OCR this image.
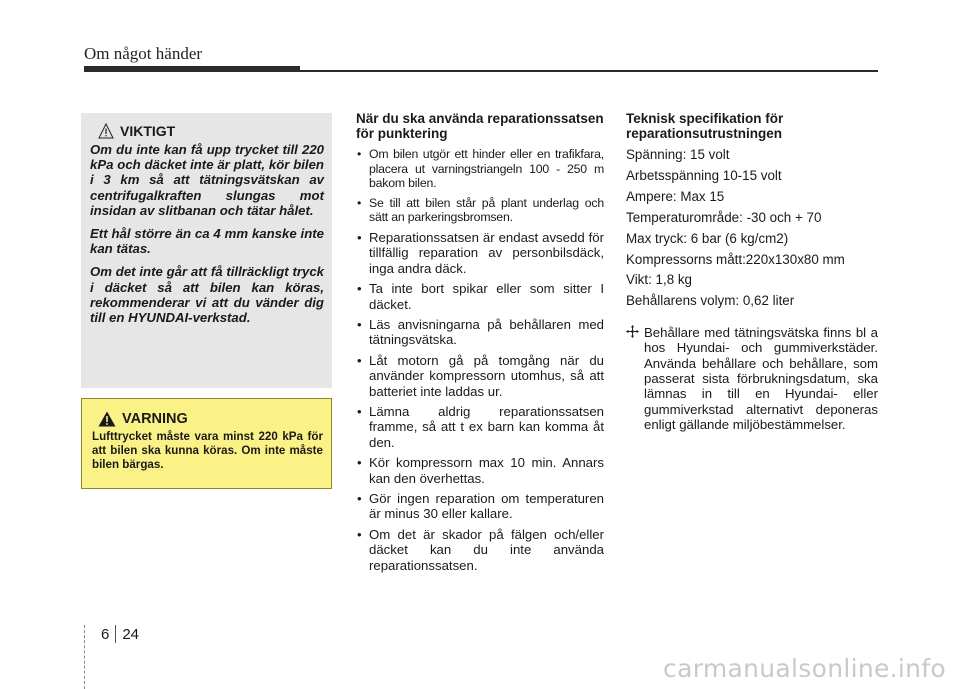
Om något händer
VIKTIGT

Om du inte kan få upp trycket till 220 kPa och däcket inte är platt, kör bilen i 3 km så att tätningsvätskan av centrifugalkraften slungas mot insidan av slitbanan och tätar hålet.

Ett hål större än ca 4 mm kanske inte kan tätas.

Om det inte går att få tillräckligt tryck i däcket så att bilen kan köras, rekommenderar vi att du vänder dig till en HYUNDAI-verkstad.

VARNING

Lufttrycket måste vara minst 220 kPa för att bilen ska kunna köras. Om inte måste bilen bärgas.

När du ska använda reparationssatsen för punktering

• Om bilen utgör ett hinder eller en trafikfara, placera ut varningstriangeln 100 - 250 m bakom bilen.
• Se till att bilen står på plant underlag och sätt an parkeringsbromsen.
• Reparationssatsen är endast avsedd för tillfällig reparation av personbilsdäck, inga andra däck.
• Ta inte bort spikar eller som sitter I däcket.
• Läs anvisningarna på behållaren med tätningsvätska.
• Låt motorn gå på tomgång när du använder kompressorn utomhus, så att batteriet inte laddas ur.
• Lämna aldrig reparationssatsen framme, så att t ex barn kan komma åt den.
• Kör kompressorn max 10 min. Annars kan den överhettas.
• Gör ingen reparation om temperaturen är minus 30 eller kallare.
• Om det är skador på fälgen och/eller däcket kan du inte använda reparationssatsen.

Teknisk specifikation för reparationsutrustningen

Spänning: 15 volt

Arbetsspänning 10-15 volt

Ampere: Max 15

Temperaturområde: -30 och + 70

Max tryck: 6 bar (6 kg/cm2)

Kompressorns mått:220x130x80 mm

Vikt: 1,8 kg

Behållarens volym: 0,62 liter

Behållare med tätningsvätska finns bl a hos Hyundai- och gummiverkstäder. Använda behållare och behållare, som passerat sista förbrukningsdatum, ska lämnas in till en Hyundai- eller gummiverkstad alternativt deponeras enligt gällande miljöbestämmelser.
6 24
carmanualsonline.info
